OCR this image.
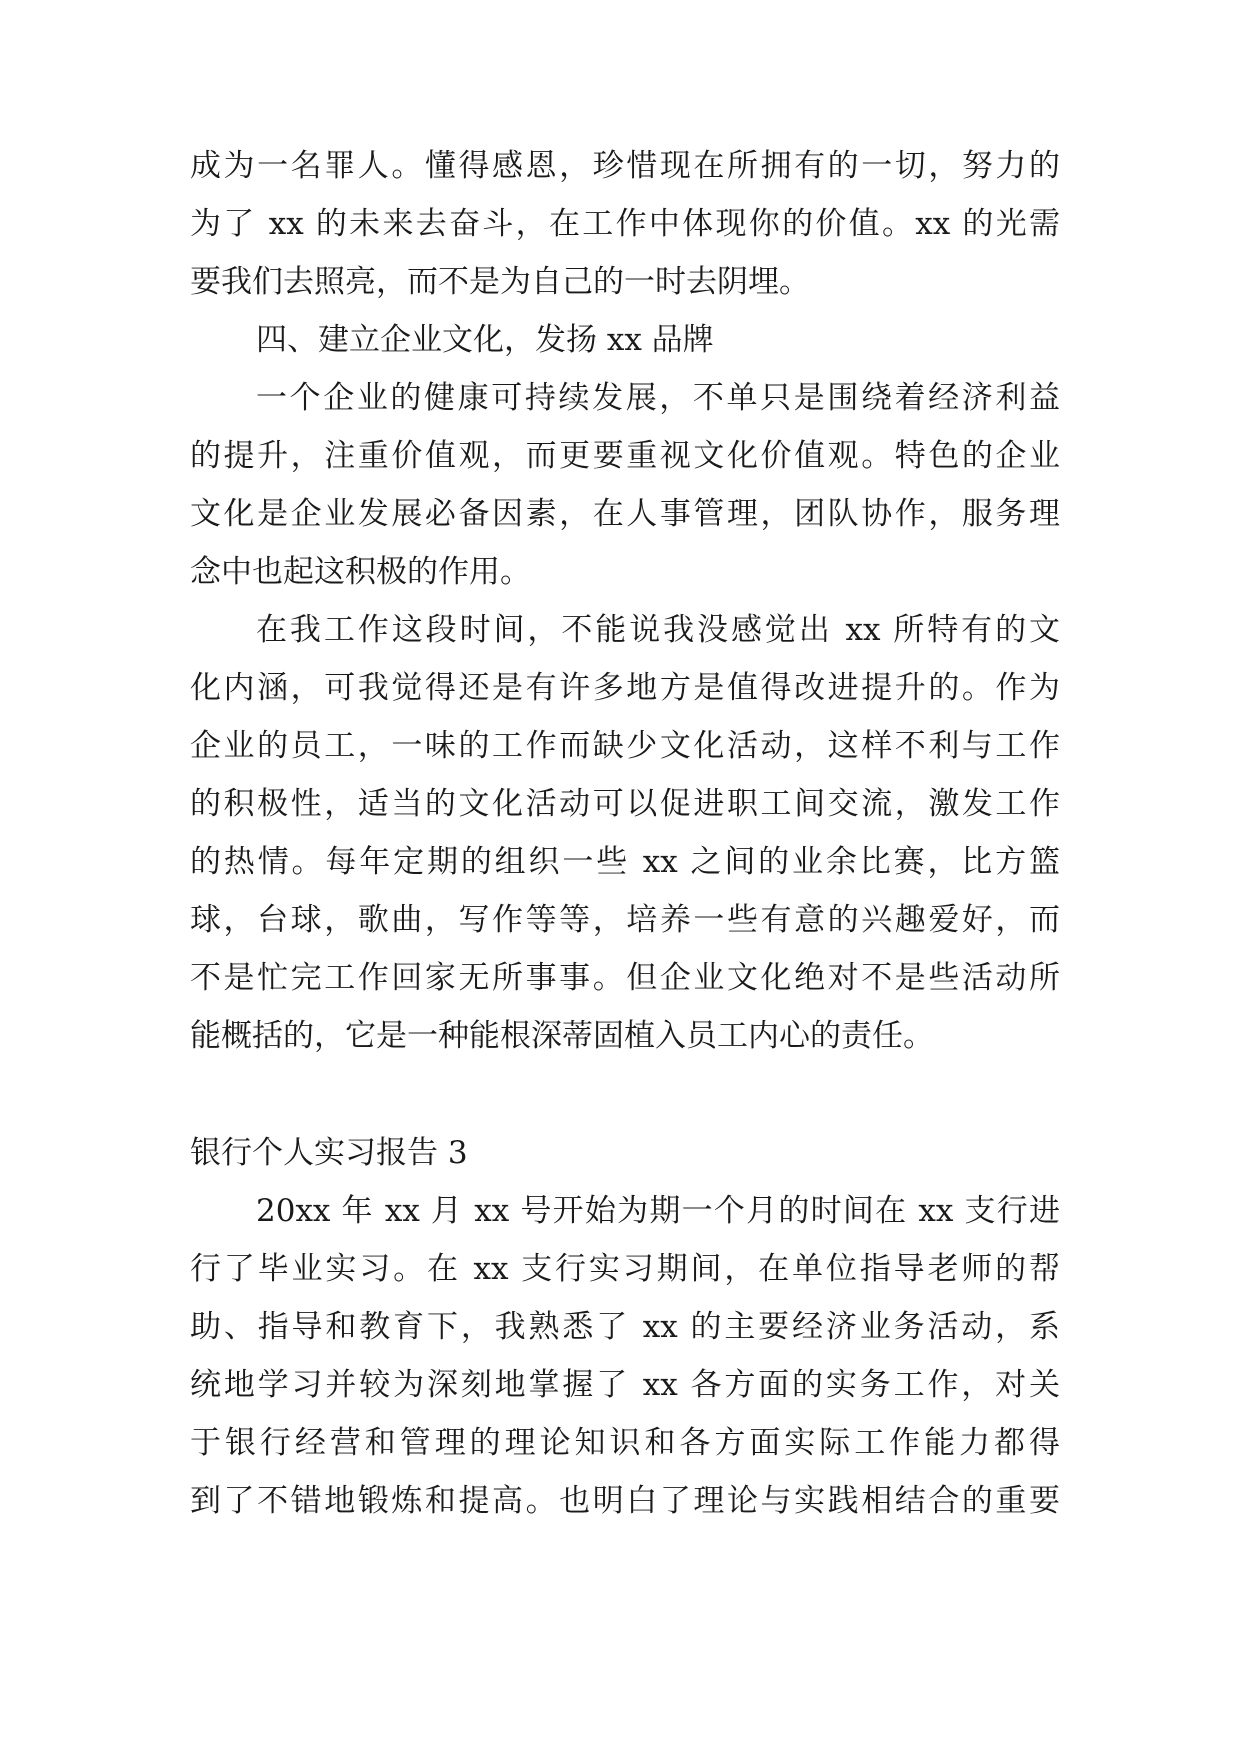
成为一名罪人。懂得感恩，珍惜现在所拥有的一切，努力的
为了 xx 的未来去奋斗，在工作中体现你的价值。xx 的光需
要我们去照亮，而不是为自己的一时去阴埋。
四、建立企业文化，发扬 xx 品牌
一个企业的健康可持续发展，不单只是围绕着经济利益
的提升，注重价值观，而更要重视文化价值观。特色的企业
文化是企业发展必备因素，在人事管理，团队协作，服务理
念中也起这积极的作用。
在我工作这段时间，不能说我没感觉出 xx 所特有的文
化内涵，可我觉得还是有许多地方是值得改进提升的。作为
企业的员工，一味的工作而缺少文化活动，这样不利与工作
的积极性，适当的文化活动可以促进职工间交流，激发工作
的热情。每年定期的组织一些 xx 之间的业余比赛，比方篮
球，台球，歌曲，写作等等，培养一些有意的兴趣爱好，而
不是忙完工作回家无所事事。但企业文化绝对不是些活动所
能概括的，它是一种能根深蒂固植入员工内心的责任。
银行个人实习报告 3
20xx 年 xx 月 xx 号开始为期一个月的时间在 xx 支行进
行了毕业实习。在 xx 支行实习期间，在单位指导老师的帮
助、指导和教育下，我熟悉了 xx 的主要经济业务活动，系
统地学习并较为深刻地掌握了 xx 各方面的实务工作，对关
于银行经营和管理的理论知识和各方面实际工作能力都得
到了不错地锻炼和提高。也明白了理论与实践相结合的重要
